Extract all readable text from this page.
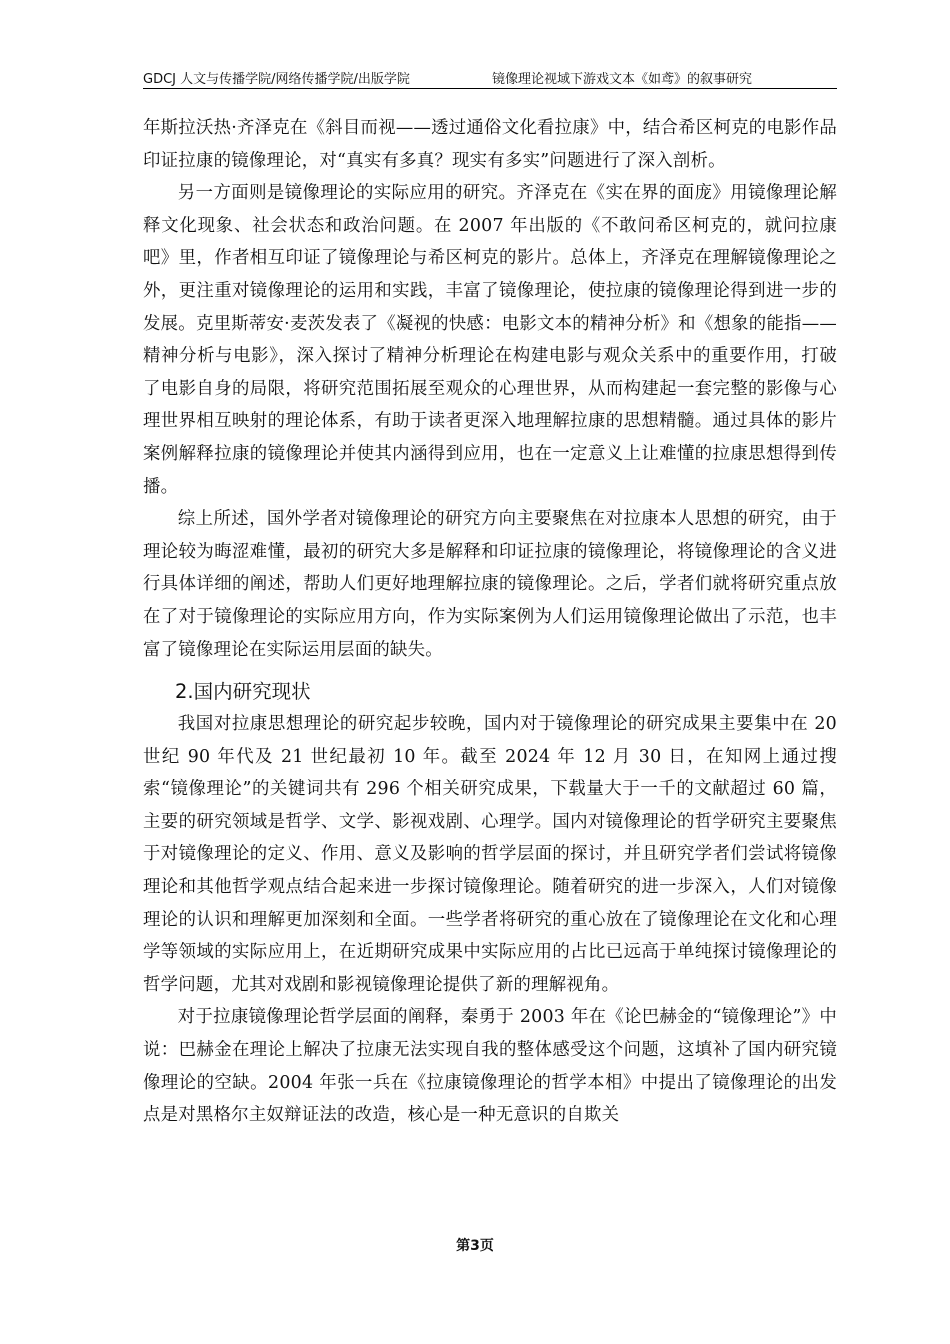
GDCJ 人文与传播学院/网络传播学院/出版学院	镜像理论视域下游戏文本《如鸢》的叙事研究

年斯拉沃热·齐泽克在《斜目而视——透过通俗文化看拉康》中，结合希区柯克的电影作品印证拉康的镜像理论，对“真实有多真？现实有多实”问题进行了深入剖析。

另一方面则是镜像理论的实际应用的研究。齐泽克在《实在界的面庞》用镜像理论解释文化现象、社会状态和政治问题。在 2007 年出版的《不敢问希区柯克的，就问拉康吧》里，作者相互印证了镜像理论与希区柯克的影片。总体上，齐泽克在理解镜像理论之外，更注重对镜像理论的运用和实践，丰富了镜像理论，使拉康的镜像理论得到进一步的发展。克里斯蒂安·麦茨发表了《凝视的快感：电影文本的精神分析》和《想象的能指——精神分析与电影》，深入探讨了精神分析理论在构建电影与观众关系中的重要作用，打破了电影自身的局限，将研究范围拓展至观众的心理世界，从而构建起一套完整的影像与心理世界相互映射的理论体系，有助于读者更深入地理解拉康的思想精髓。通过具体的影片案例解释拉康的镜像理论并使其内涵得到应用，也在一定意义上让难懂的拉康思想得到传播。

综上所述，国外学者对镜像理论的研究方向主要聚焦在对拉康本人思想的研究，由于理论较为晦涩难懂，最初的研究大多是解释和印证拉康的镜像理论，将镜像理论的含义进行具体详细的阐述，帮助人们更好地理解拉康的镜像理论。之后，学者们就将研究重点放在了对于镜像理论的实际应用方向，作为实际案例为人们运用镜像理论做出了示范，也丰富了镜像理论在实际运用层面的缺失。

2.国内研究现状

我国对拉康思想理论的研究起步较晚，国内对于镜像理论的研究成果主要集中在 20 世纪 90 年代及 21 世纪最初 10 年。截至 2024 年 12 月 30 日，在知网上通过搜索“镜像理论”的关键词共有 296 个相关研究成果，下载量大于一千的文献超过 60 篇，主要的研究领域是哲学、文学、影视戏剧、心理学。国内对镜像理论的哲学研究主要聚焦于对镜像理论的定义、作用、意义及影响的哲学层面的探讨，并且研究学者们尝试将镜像理论和其他哲学观点结合起来进一步探讨镜像理论。随着研究的进一步深入，人们对镜像理论的认识和理解更加深刻和全面。一些学者将研究的重心放在了镜像理论在文化和心理学等领域的实际应用上，在近期研究成果中实际应用的占比已远高于单纯探讨镜像理论的哲学问题，尤其对戏剧和影视镜像理论提供了新的理解视角。

对于拉康镜像理论哲学层面的阐释，秦勇于 2003 年在《论巴赫金的“镜像理论”》中说：巴赫金在理论上解决了拉康无法实现自我的整体感受这个问题，这填补了国内研究镜像理论的空缺。2004 年张一兵在《拉康镜像理论的哲学本相》中提出了镜像理论的出发点是对黑格尔主奴辩证法的改造，核心是一种无意识的自欺关

第3页
